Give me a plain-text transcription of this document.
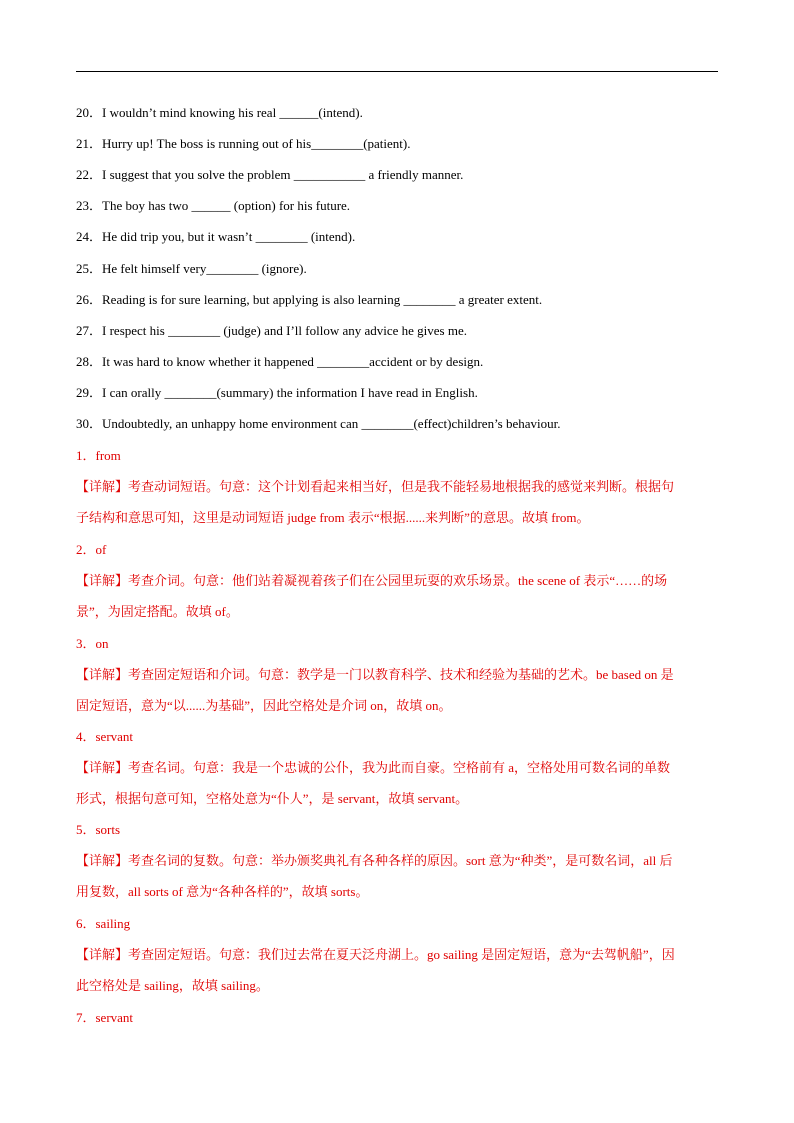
20．I wouldn’t mind knowing his real ______(intend).
21．Hurry up! The boss is running out of his________(patient).
22．I suggest that you solve the problem ___________ a friendly manner.
23．The boy has two ______ (option) for his future.
24．He did trip you, but it wasn’t ________ (intend).
25．He felt himself very________ (ignore).
26．Reading is for sure learning, but applying is also learning ________ a greater extent.
27．I respect his ________ (judge) and I’ll follow any advice he gives me.
28．It was hard to know whether it happened ________accident or by design.
29．I can orally ________(summary) the information I have read in English.
30．Undoubtedly, an unhappy home environment can ________(effect)children’s behaviour.
1．from
【详解】考查动词短语。句意：这个计划看起来相当好，但是我不能轻易地根据我的感觉来判断。根据句
子结构和意思可知，这里是动词短语 judge from 表示“根据......来判断”的意思。故填 from。
2．of
【详解】考查介词。句意：他们站着凝视着孩子们在公园里玩耍的欢乐场景。the scene of 表示“……的场
景”，为固定搭配。故填 of。
3．on
【详解】考查固定短语和介词。句意：教学是一门以教育科学、技术和经验为基础的艺术。be based on 是
固定短语，意为“以......为基础”，因此空格处是介词 on，故填 on。
4．servant
【详解】考查名词。句意：我是一个忠诚的公仆，我为此而自豪。空格前有 a，空格处用可数名词的单数
形式，根据句意可知，空格处意为“仆人”，是 servant，故填 servant。
5．sorts
【详解】考查名词的复数。句意：举办颁奖典礼有各种各样的原因。sort 意为“种类”，是可数名词，all 后
用复数，all sorts of 意为“各种各样的”，故填 sorts。
6．sailing
【详解】考查固定短语。句意：我们过去常在夏天泛舟湖上。go sailing 是固定短语，意为“去驾帆船”，因
此空格处是 sailing，故填 sailing。
7．servant
